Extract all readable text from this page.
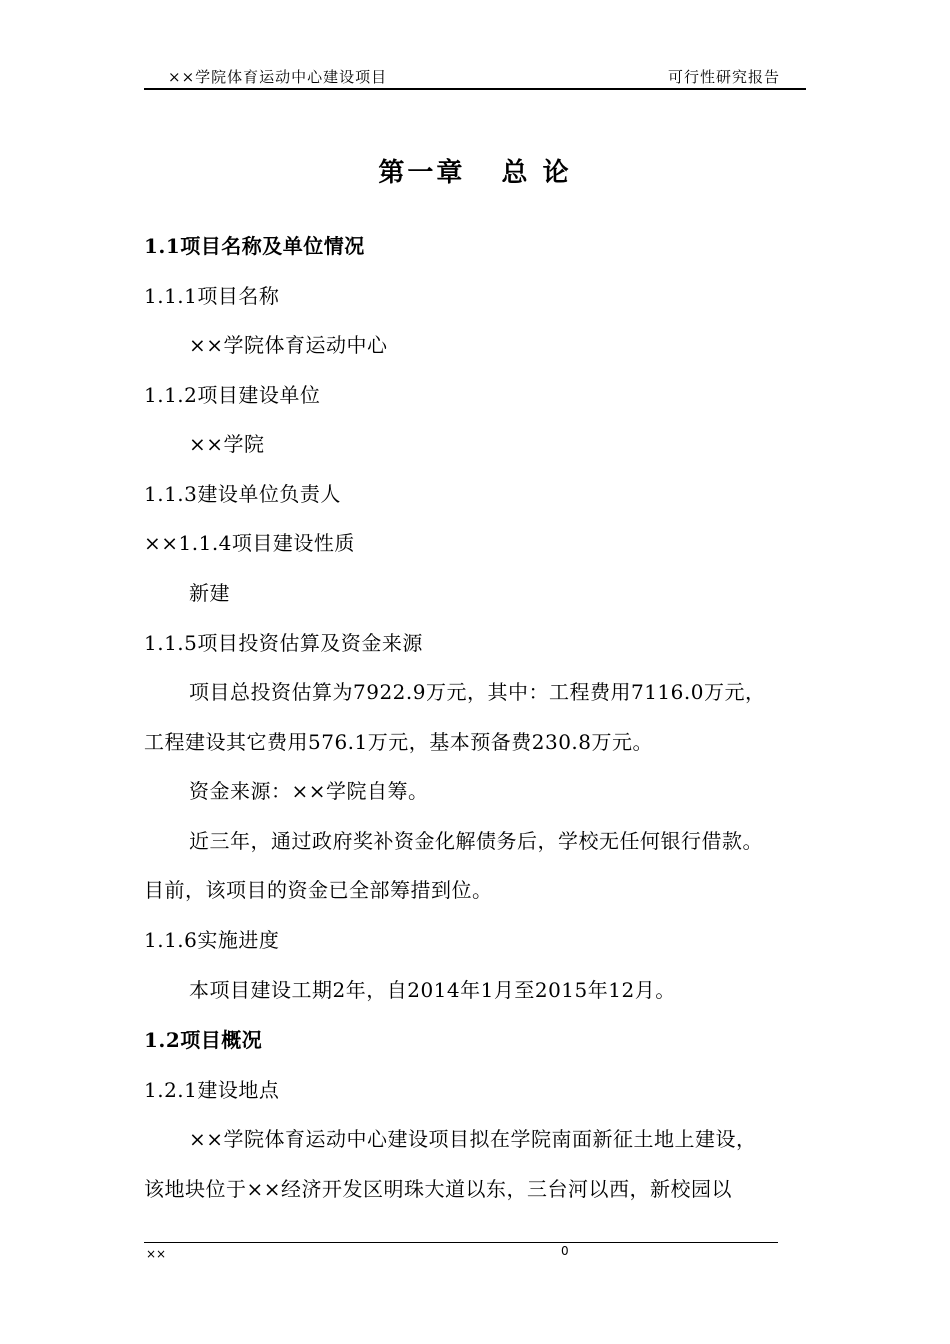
××学院体育运动中心建设项目	可行性研究报告
第一章   总 论
1.1项目名称及单位情况
1.1.1项目名称
××学院体育运动中心
1.1.2项目建设单位
××学院
1.1.3建设单位负责人
××1.1.4项目建设性质
新建
1.1.5项目投资估算及资金来源
项目总投资估算为7922.9万元，其中：工程费用7116.0万元，
工程建设其它费用576.1万元，基本预备费230.8万元。
资金来源：××学院自筹。
近三年，通过政府奖补资金化解债务后，学校无任何银行借款。
目前，该项目的资金已全部筹措到位。
1.1.6实施进度
本项目建设工期2年，自2014年1月至2015年12月。
1.2项目概况
1.2.1建设地点
××学院体育运动中心建设项目拟在学院南面新征土地上建设，
该地块位于××经济开发区明珠大道以东，三台河以西，新校园以
××	0
